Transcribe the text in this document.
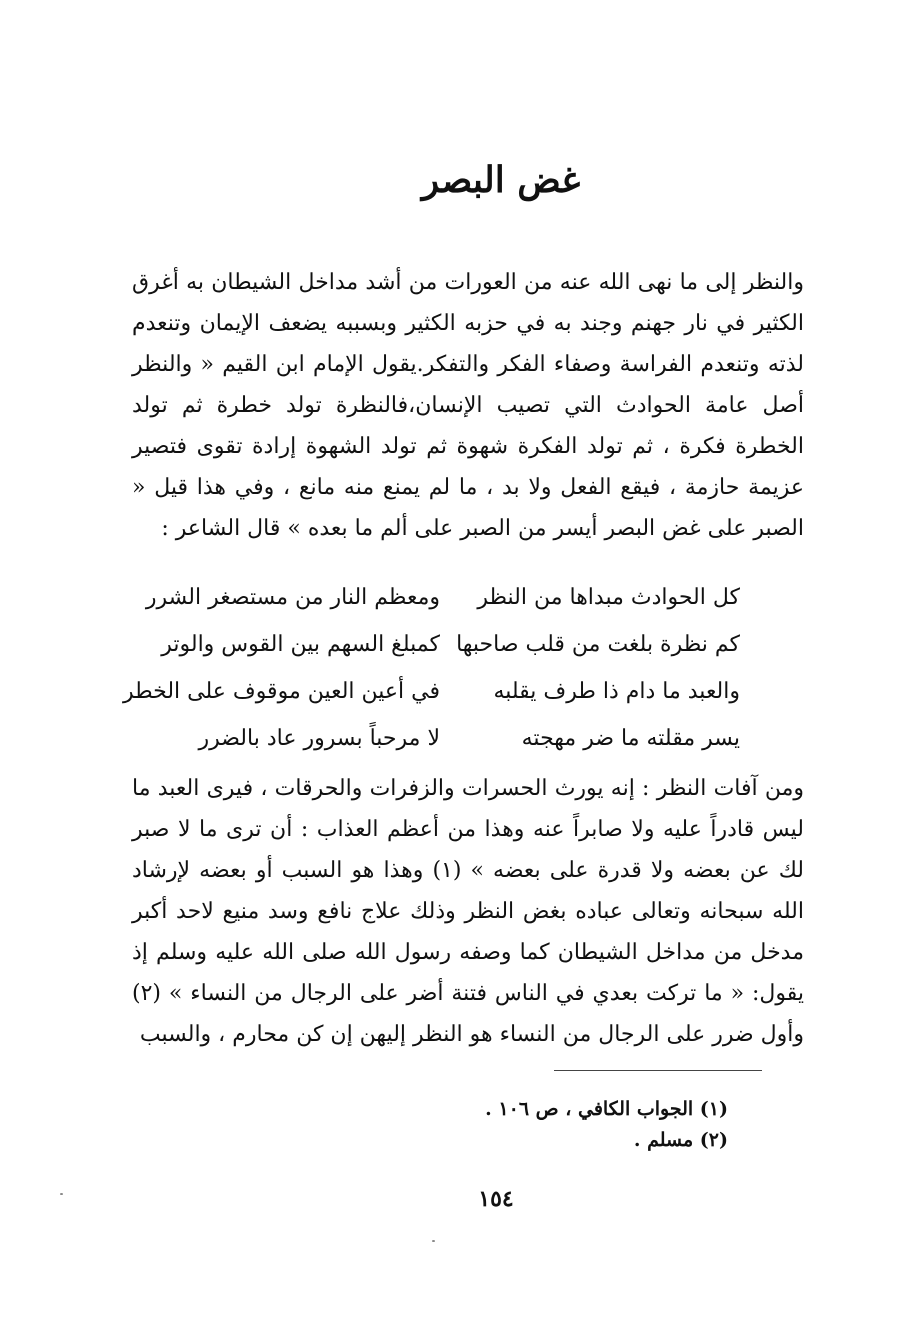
غض البصر

والنظر إلى ما نهى الله عنه من العورات من أشد مداخل الشيطان به أغرق الكثير في نار جهنم وجند به في حزبه الكثير وبسببه يضعف الإيمان وتنعدم لذته وتنعدم الفراسة وصفاء الفكر والتفكر.يقول الإمام ابن القيم « والنظر أصل عامة الحوادث التي تصيب الإنسان،فالنظرة تولد خطرة ثم تولد الخطرة فكرة ، ثم تولد الفكرة شهوة ثم تولد الشهوة إرادة تقوى فتصير عزيمة حازمة ، فيقع الفعل ولا بد ، ما لم يمنع منه مانع ، وفي هذا قيل « الصبر على غض البصر أيسر من الصبر على ألم ما بعده » قال الشاعر :

كل الحوادث مبداها من النظر
ومعظم النار من مستصغر الشرر
كم نظرة بلغت من قلب صاحبها
كمبلغ السهم بين القوس والوتر
والعبد ما دام ذا طرف يقلبه
في أعين العين موقوف على الخطر
يسر مقلته ما ضر مهجته
لا مرحباً بسرور عاد بالضرر

ومن آفات النظر : إنه يورث الحسرات والزفرات والحرقات ، فيرى العبد ما ليس قادراً عليه ولا صابراً عنه وهذا من أعظم العذاب : أن ترى ما لا صبر لك عن بعضه ولا قدرة على بعضه » (١) وهذا هو السبب أو بعضه لإرشاد الله سبحانه وتعالى عباده بغض النظر وذلك علاج نافع وسد منيع لاحد أكبر مدخل من مداخل الشيطان كما وصفه رسول الله صلى الله عليه وسلم إذ يقول: « ما تركت بعدي في الناس فتنة أضر على الرجال من النساء » (٢) وأول ضرر على الرجال من النساء هو النظر إليهن إن كن محارم ، والسبب

(١) الجواب الكافي ، ص ١٠٦ .
(٢) مسلم .
١٥٤
